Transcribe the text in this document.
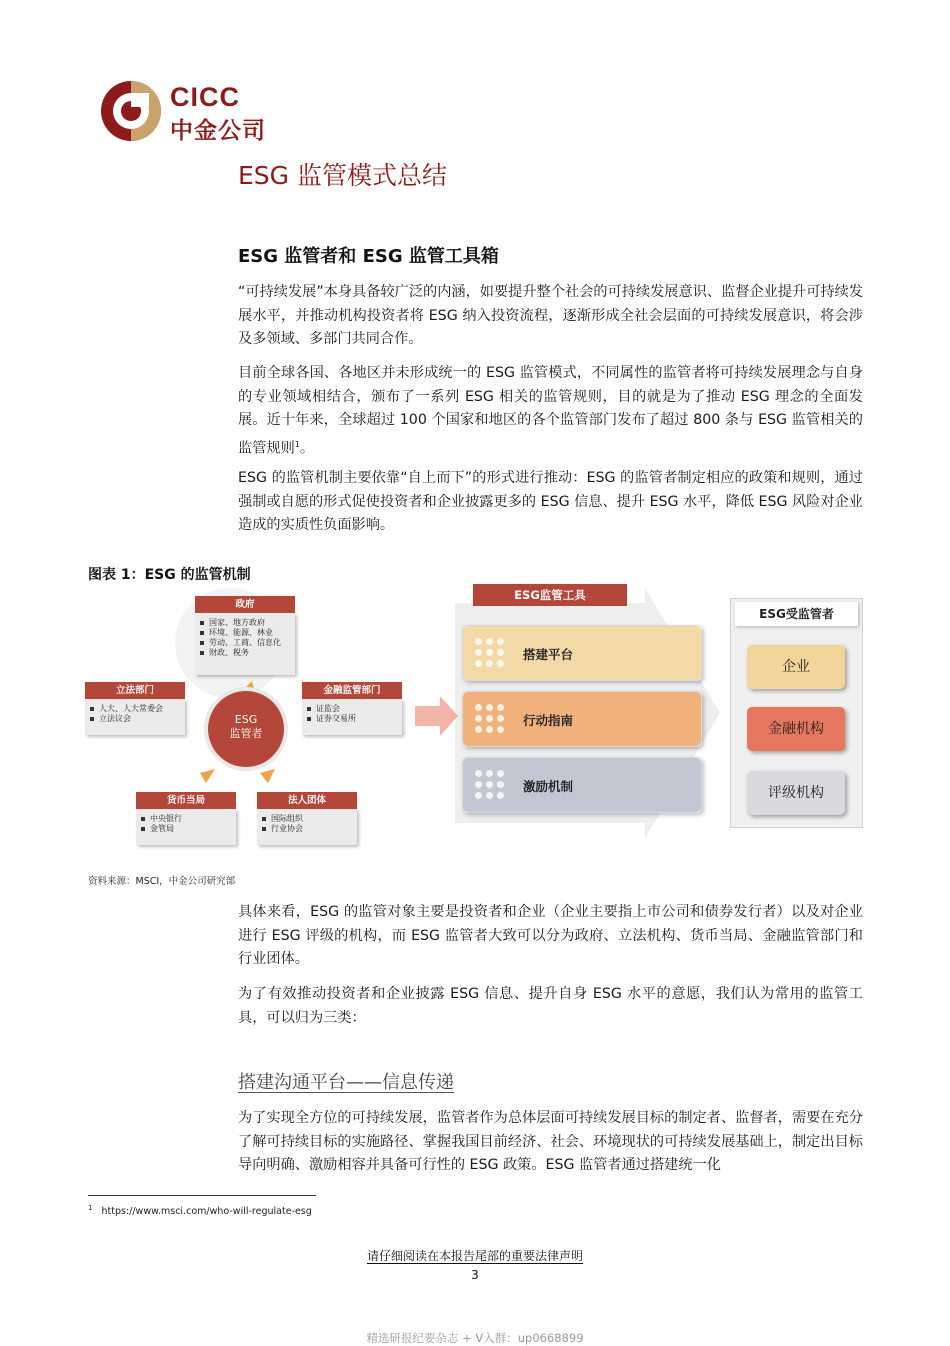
CICC
中金公司
ESG 监管模式总结
ESG 监管者和 ESG 监管工具箱
“可持续发展”本身具备较广泛的内涵，如要提升整个社会的可持续发展意识、监督企业提升可持续发展水平，并推动机构投资者将 ESG 纳入投资流程，逐渐形成全社会层面的可持续发展意识，将会涉及多领域、多部门共同合作。
目前全球各国、各地区并未形成统一的 ESG 监管模式，不同属性的监管者将可持续发展理念与自身的专业领域相结合，颁布了一系列 ESG 相关的监管规则，目的就是为了推动 ESG 理念的全面发展。近十年来，全球超过 100 个国家和地区的各个监管部门发布了超过 800 条与 ESG 监管相关的监管规则$^1$。
ESG 的监管机制主要依靠“自上而下”的形式进行推动：ESG 的监管者制定相应的政策和规则，通过强制或自愿的形式促使投资者和企业披露更多的 ESG 信息、提升 ESG 水平，降低 ESG 风险对企业造成的实质性负面影响。
图表 1：ESG 的监管机制
ESG
监管者
政府
国家、地方政府
环境、能源、林业
劳动、工商、信息化
财政、税务
立法部门
人大、人大常委会
立法议会
金融监管部门
证监会
证券交易所
货币当局
中央银行
金管局
法人团体
国际组织
行业协会
ESG监管工具
搭建平台
行动指南
激励机制
ESG受监管者
企业
金融机构
评级机构
资料来源：MSCI，中金公司研究部
具体来看，ESG 的监管对象主要是投资者和企业（企业主要指上市公司和债券发行者）以及对企业进行 ESG 评级的机构，而 ESG 监管者大致可以分为政府、立法机构、货币当局、金融监管部门和行业团体。
为了有效推动投资者和企业披露 ESG 信息、提升自身 ESG 水平的意愿，我们认为常用的监管工具，可以归为三类：
搭建沟通平台——信息传递
为了实现全方位的可持续发展，监管者作为总体层面可持续发展目标的制定者、监督者，需要在充分了解可持续目标的实施路径、掌握我国目前经济、社会、环境现状的可持续发展基础上，制定出目标导向明确、激励相容并具备可行性的 ESG 政策。ESG 监管者通过搭建统一化
$^1$ https://www.msci.com/who-will-regulate-esg
请仔细阅读在本报告尾部的重要法律声明
3
精选研报纪要杂志 + V入群：up0668899
